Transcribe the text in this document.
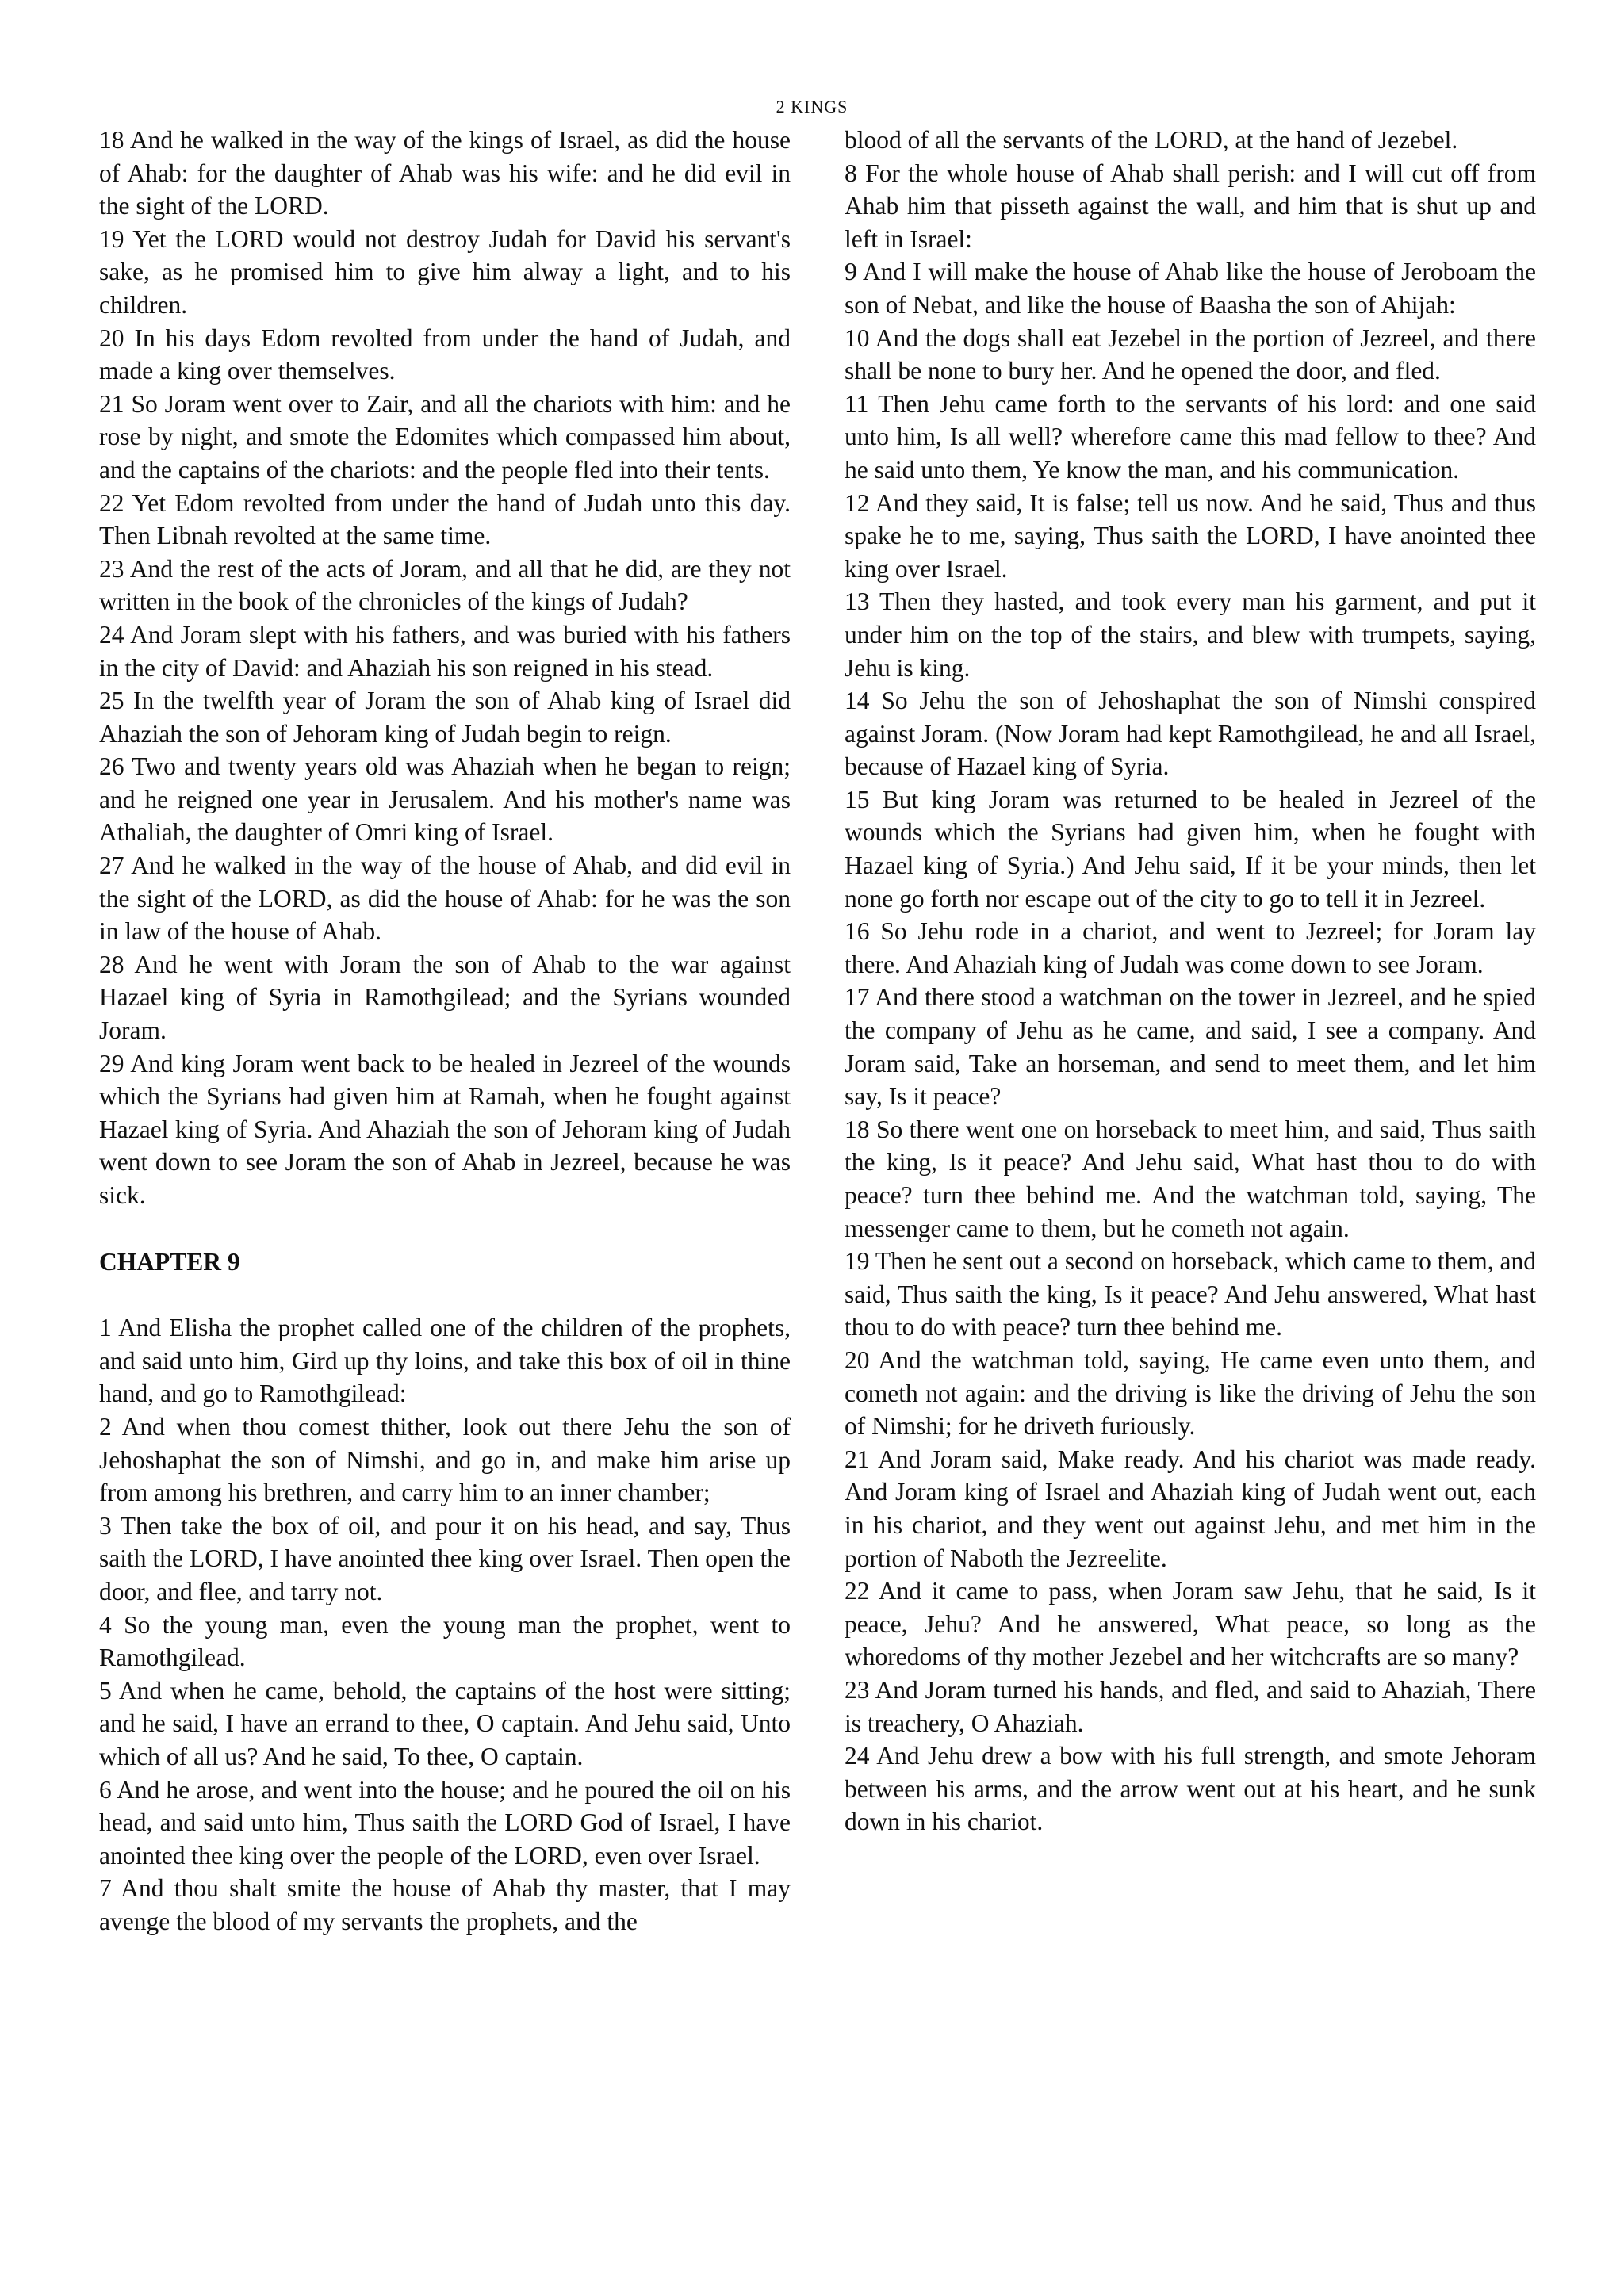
2 KINGS

18 And he walked in the way of the kings of Israel, as did the house of Ahab: for the daughter of Ahab was his wife: and he did evil in the sight of the LORD.

19 Yet the LORD would not destroy Judah for David his servant's sake, as he promised him to give him alway a light, and to his children.

20 In his days Edom revolted from under the hand of Judah, and made a king over themselves.

21 So Joram went over to Zair, and all the chariots with him: and he rose by night, and smote the Edomites which compassed him about, and the captains of the chariots: and the people fled into their tents.

22 Yet Edom revolted from under the hand of Judah unto this day. Then Libnah revolted at the same time.

23 And the rest of the acts of Joram, and all that he did, are they not written in the book of the chronicles of the kings of Judah?

24 And Joram slept with his fathers, and was buried with his fathers in the city of David: and Ahaziah his son reigned in his stead.

25 In the twelfth year of Joram the son of Ahab king of Israel did Ahaziah the son of Jehoram king of Judah begin to reign.

26 Two and twenty years old was Ahaziah when he began to reign; and he reigned one year in Jerusalem. And his mother's name was Athaliah, the daughter of Omri king of Israel.

27 And he walked in the way of the house of Ahab, and did evil in the sight of the LORD, as did the house of Ahab: for he was the son in law of the house of Ahab.

28 And he went with Joram the son of Ahab to the war against Hazael king of Syria in Ramothgilead; and the Syrians wounded Joram.

29 And king Joram went back to be healed in Jezreel of the wounds which the Syrians had given him at Ramah, when he fought against Hazael king of Syria. And Ahaziah the son of Jehoram king of Judah went down to see Joram the son of Ahab in Jezreel, because he was sick.

CHAPTER 9

1 And Elisha the prophet called one of the children of the prophets, and said unto him, Gird up thy loins, and take this box of oil in thine hand, and go to Ramothgilead:

2 And when thou comest thither, look out there Jehu the son of Jehoshaphat the son of Nimshi, and go in, and make him arise up from among his brethren, and carry him to an inner chamber;

3 Then take the box of oil, and pour it on his head, and say, Thus saith the LORD, I have anointed thee king over Israel. Then open the door, and flee, and tarry not.

4 So the young man, even the young man the prophet, went to Ramothgilead.

5 And when he came, behold, the captains of the host were sitting; and he said, I have an errand to thee, O captain. And Jehu said, Unto which of all us? And he said, To thee, O captain.

6 And he arose, and went into the house; and he poured the oil on his head, and said unto him, Thus saith the LORD God of Israel, I have anointed thee king over the people of the LORD, even over Israel.

7 And thou shalt smite the house of Ahab thy master, that I may avenge the blood of my servants the prophets, and the

blood of all the servants of the LORD, at the hand of Jezebel.

8 For the whole house of Ahab shall perish: and I will cut off from Ahab him that pisseth against the wall, and him that is shut up and left in Israel:

9 And I will make the house of Ahab like the house of Jeroboam the son of Nebat, and like the house of Baasha the son of Ahijah:

10 And the dogs shall eat Jezebel in the portion of Jezreel, and there shall be none to bury her. And he opened the door, and fled.

11 Then Jehu came forth to the servants of his lord: and one said unto him, Is all well? wherefore came this mad fellow to thee? And he said unto them, Ye know the man, and his communication.

12 And they said, It is false; tell us now. And he said, Thus and thus spake he to me, saying, Thus saith the LORD, I have anointed thee king over Israel.

13 Then they hasted, and took every man his garment, and put it under him on the top of the stairs, and blew with trumpets, saying, Jehu is king.

14 So Jehu the son of Jehoshaphat the son of Nimshi conspired against Joram. (Now Joram had kept Ramothgilead, he and all Israel, because of Hazael king of Syria.

15 But king Joram was returned to be healed in Jezreel of the wounds which the Syrians had given him, when he fought with Hazael king of Syria.) And Jehu said, If it be your minds, then let none go forth nor escape out of the city to go to tell it in Jezreel.

16 So Jehu rode in a chariot, and went to Jezreel; for Joram lay there. And Ahaziah king of Judah was come down to see Joram.

17 And there stood a watchman on the tower in Jezreel, and he spied the company of Jehu as he came, and said, I see a company. And Joram said, Take an horseman, and send to meet them, and let him say, Is it peace?

18 So there went one on horseback to meet him, and said, Thus saith the king, Is it peace? And Jehu said, What hast thou to do with peace? turn thee behind me. And the watchman told, saying, The messenger came to them, but he cometh not again.

19 Then he sent out a second on horseback, which came to them, and said, Thus saith the king, Is it peace? And Jehu answered, What hast thou to do with peace? turn thee behind me.

20 And the watchman told, saying, He came even unto them, and cometh not again: and the driving is like the driving of Jehu the son of Nimshi; for he driveth furiously.

21 And Joram said, Make ready. And his chariot was made ready. And Joram king of Israel and Ahaziah king of Judah went out, each in his chariot, and they went out against Jehu, and met him in the portion of Naboth the Jezreelite.

22 And it came to pass, when Joram saw Jehu, that he said, Is it peace, Jehu? And he answered, What peace, so long as the whoredoms of thy mother Jezebel and her witchcrafts are so many?

23 And Joram turned his hands, and fled, and said to Ahaziah, There is treachery, O Ahaziah.

24 And Jehu drew a bow with his full strength, and smote Jehoram between his arms, and the arrow went out at his heart, and he sunk down in his chariot.
